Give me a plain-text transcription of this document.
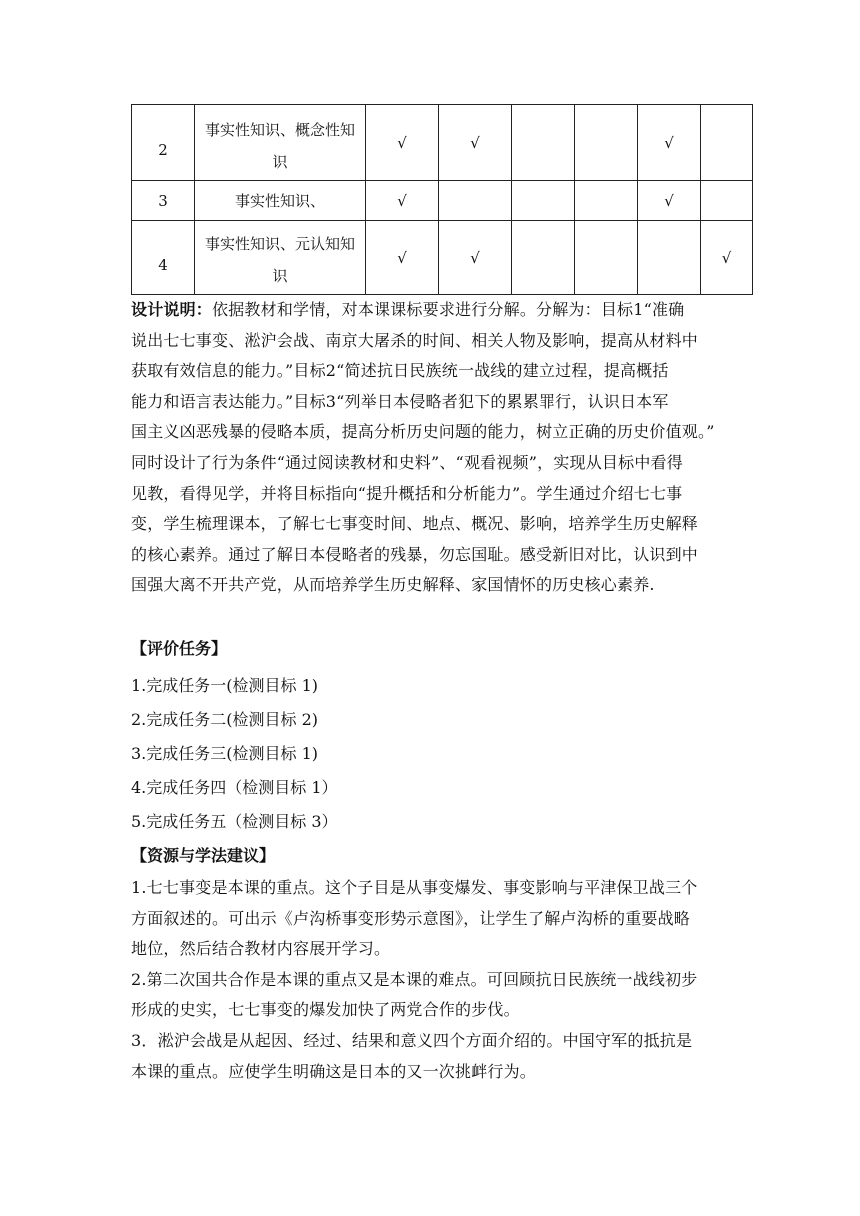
2	事实性知识、概念性知
识	√	√			√	
3	事实性知识、	√				√	
4	事实性知识、元认知知
识	√	√				√

设计说明：依据教材和学情，对本课课标要求进行分解。分解为：目标1“准确

说出七七事变、淞沪会战、南京大屠杀的时间、相关人物及影响，提高从材料中

获取有效信息的能力。”目标2“简述抗日民族统一战线的建立过程，提高概括

能力和语言表达能力。”目标3“列举日本侵略者犯下的累累罪行，认识日本军

国主义凶恶残暴的侵略本质，提高分析历史问题的能力，树立正确的历史价值观。”

同时设计了行为条件“通过阅读教材和史料”、“观看视频”，实现从目标中看得

见教，看得见学，并将目标指向“提升概括和分析能力”。学生通过介绍七七事

变，学生梳理课本，了解七七事变时间、地点、概况、影响，培养学生历史解释

的核心素养。通过了解日本侵略者的残暴，勿忘国耻。感受新旧对比，认识到中

国强大离不开共产党，从而培养学生历史解释、家国情怀的历史核心素养.

【评价任务】
1.完成任务一(检测目标 1)
2.完成任务二(检测目标 2)
3.完成任务三(检测目标 1)
4.完成任务四（检测目标 1）
5.完成任务五（检测目标 3）
【资源与学法建议】

1.七七事变是本课的重点。这个子目是从事变爆发、事变影响与平津保卫战三个

方面叙述的。可出示《卢沟桥事变形势示意图》，让学生了解卢沟桥的重要战略

地位，然后结合教材内容展开学习。

2.第二次国共合作是本课的重点又是本课的难点。可回顾抗日民族统一战线初步

形成的史实，七七事变的爆发加快了两党合作的步伐。

3．淞沪会战是从起因、经过、结果和意义四个方面介绍的。中国守军的抵抗是

本课的重点。应使学生明确这是日本的又一次挑衅行为。
